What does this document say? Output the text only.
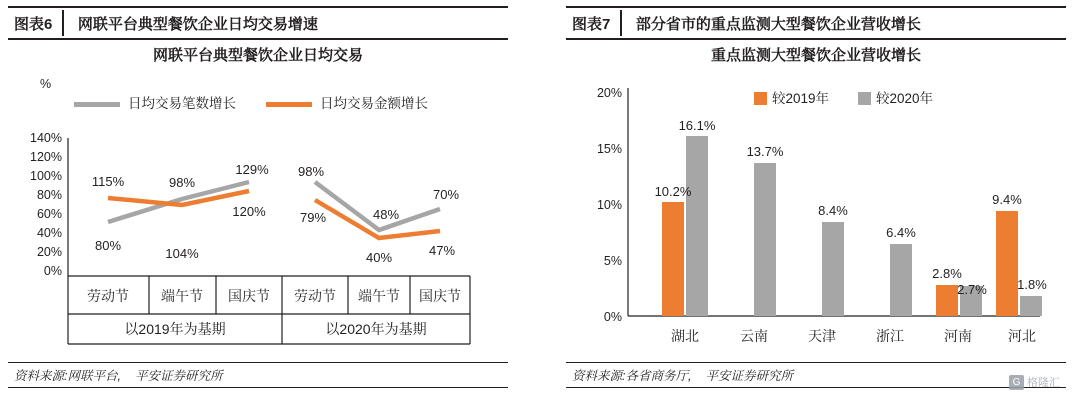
图表6 网联平台典型餐饮企业日均交易增速
网联平台典型餐饮企业日均交易
%
日均交易笔数增长	日均交易金额增长
140%
120%
100%
80%
60%
40%
20%
0%
80%
104%
129% 98%
48%
70%
115%	98%
120%	79%
40%	47%
劳动节 端午节 国庆节 劳动节 端午节 国庆节
以2019年为基期	以2020年为基期
资料来源:网联平台, 平安证券研究所
图表7 部分省市的重点监测大型餐饮企业营收增长
重点监测大型餐饮企业营收增长
较2019年	较2020年
20%
15%
10%
5%
0%
10.2%
16.1%
13.7%
8.4%
6.4%
2.8%
2.7%
9.4%
1.8%
湖北	云南	天津	浙江	河南	河北
资料来源:各省商务厅, 平安证券研究所	G 格隆汇
